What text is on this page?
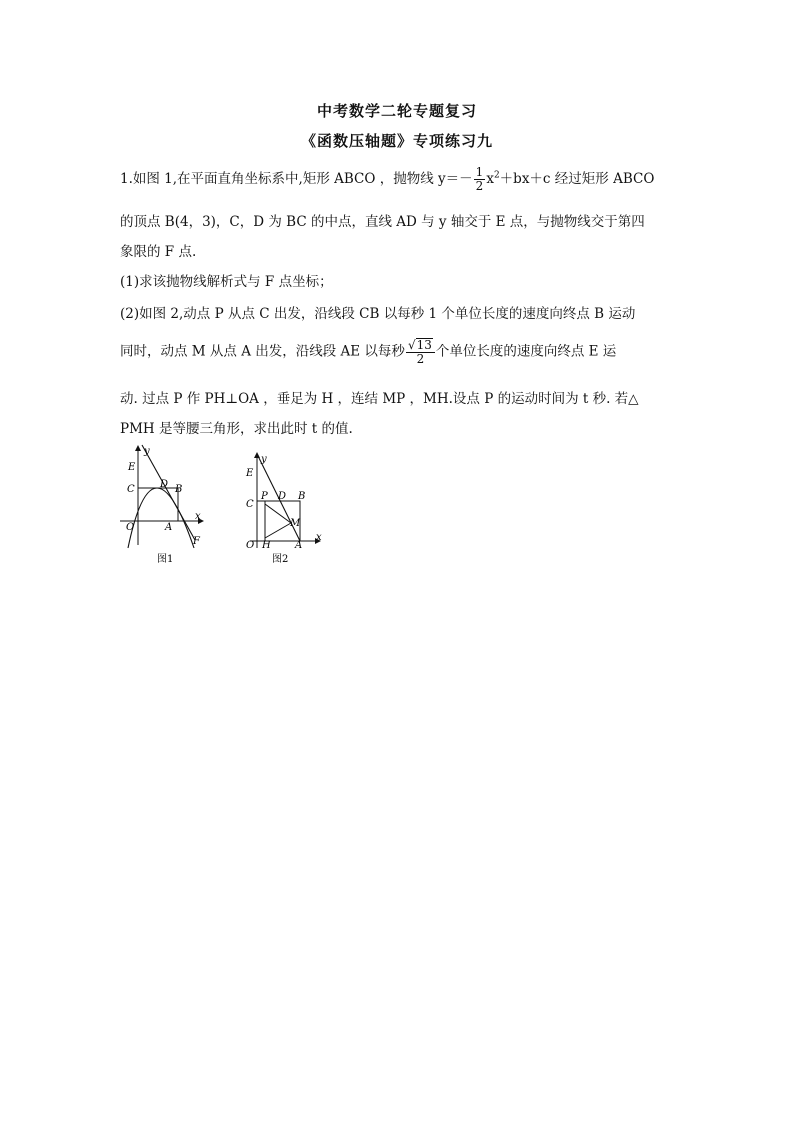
中考数学二轮专题复习
《函数压轴题》专项练习九
1.如图 1,在平面直角坐标系中,矩形 ABCO ，抛物线 $y=- \frac{1}{2} x^2+bx+c$ 经过矩形 ABCO
的顶点 B(4，3)，C，D 为 BC 的中点，直线 AD 与 y 轴交于 E 点，与抛物线交于第四
象限的 F 点.
(1)求该抛物线解析式与 F 点坐标；
(2)如图 2,动点 P 从点 C 出发，沿线段 CB 以每秒 1 个单位长度的速度向终点 B 运动
同时，动点 M 从点 A 出发，沿线段 AE 以每秒 $\frac{√13}{2}$ 个单位长度的速度向终点 E 运
动. 过点 P 作 PH⊥OA ，垂足为 H ，连结 MP ，MH.设点 P 的运动时间为 t 秒. 若△
PMH 是等腰三角形，求出此时 t 的值.
y
x
E
C	D B
O	A
F
图1
y
x
E
C
P D B
M
O H A
图2
